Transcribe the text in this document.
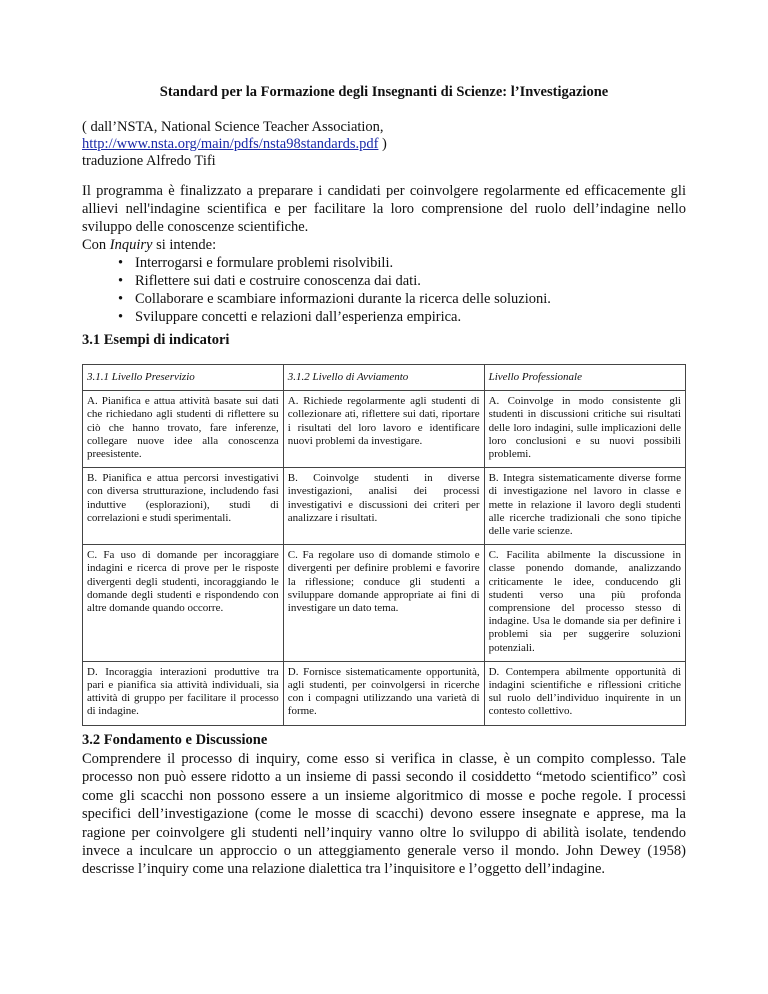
Standard per la Formazione degli Insegnanti di Scienze: l’Investigazione
( dall’NSTA, National Science Teacher Association,
http://www.nsta.org/main/pdfs/nsta98standards.pdf )
traduzione Alfredo Tifi

Il programma è finalizzato a preparare i candidati per coinvolgere regolarmente ed efficacemente gli allievi nell'indagine scientifica e per facilitare la loro comprensione del ruolo dell’indagine nello sviluppo delle conoscenze scientifiche.

Con Inquiry si intende:

• Interrogarsi e formulare problemi risolvibili.
• Riflettere sui dati e costruire conoscenza dai dati.
• Collaborare e scambiare informazioni durante la ricerca delle soluzioni.
• Sviluppare concetti e relazioni dall’esperienza empirica.
3.1 Esempi di indicatori
3.1.1 Livello Preservizio	3.1.2 Livello di Avviamento	Livello Professionale
A. Pianifica e attua attività basate sui dati che richiedano agli studenti di riflettere su ciò che hanno trovato, fare inferenze, collegare nuove idee alla conoscenza preesistente.	A. Richiede regolarmente agli studenti di collezionare ati, riflettere sui dati, riportare i risultati del loro lavoro e identificare nuovi problemi da investigare.	A. Coinvolge in modo consistente gli studenti in discussioni critiche sui risultati delle loro indagini, sulle implicazioni delle loro conclusioni e su nuovi possibili problemi.
B. Pianifica e attua percorsi investigativi con diversa strutturazione, includendo fasi induttive (esplorazioni), studi di correlazioni e studi sperimentali.	B. Coinvolge studenti in diverse investigazioni, analisi dei processi investigativi e discussioni dei criteri per analizzare i risultati.	B. Integra sistematicamente diverse forme di investigazione nel lavoro in classe e mette in relazione il lavoro degli studenti alle ricerche tradizionali che sono tipiche delle varie scienze.
C. Fa uso di domande per incoraggiare indagini e ricerca di prove per le risposte divergenti degli studenti, incoraggiando le domande degli studenti e rispondendo con altre domande quando occorre.	C. Fa regolare uso di domande stimolo e divergenti per definire problemi e favorire la riflessione; conduce gli studenti a sviluppare domande appropriate ai fini di investigare un dato tema.	C. Facilita abilmente la discussione in classe ponendo domande, analizzando criticamente le idee, conducendo gli studenti verso una più profonda comprensione del processo stesso di indagine. Usa le domande sia per definire i problemi sia per suggerire soluzioni potenziali.
D. Incoraggia interazioni produttive tra pari e pianifica sia attività individuali, sia attività di gruppo per facilitare il processo di indagine.	D. Fornisce sistematicamente opportunità, agli studenti, per coinvolgersi in ricerche con i compagni utilizzando una varietà di forme.	D. Contempera abilmente opportunità di indagini scientifiche e riflessioni critiche sul ruolo dell’individuo inquirente in un contesto collettivo.
3.2 Fondamento e Discussione
Comprendere il processo di inquiry, come esso si verifica in classe, è un compito complesso. Tale processo non può essere ridotto a un insieme di passi secondo il cosiddetto “metodo scientifico” così come gli scacchi non possono essere a un insieme algoritmico di mosse e poche regole. I processi specifici dell’investigazione (come le mosse di scacchi) devono essere insegnate e apprese, ma la ragione per coinvolgere gli studenti nell’inquiry vanno oltre lo sviluppo di abilità isolate, tendendo invece a inculcare un approccio o un atteggiamento generale verso il mondo. John Dewey (1958) descrisse l’inquiry come una relazione dialettica tra l’inquisitore e l’oggetto dell’indagine.
